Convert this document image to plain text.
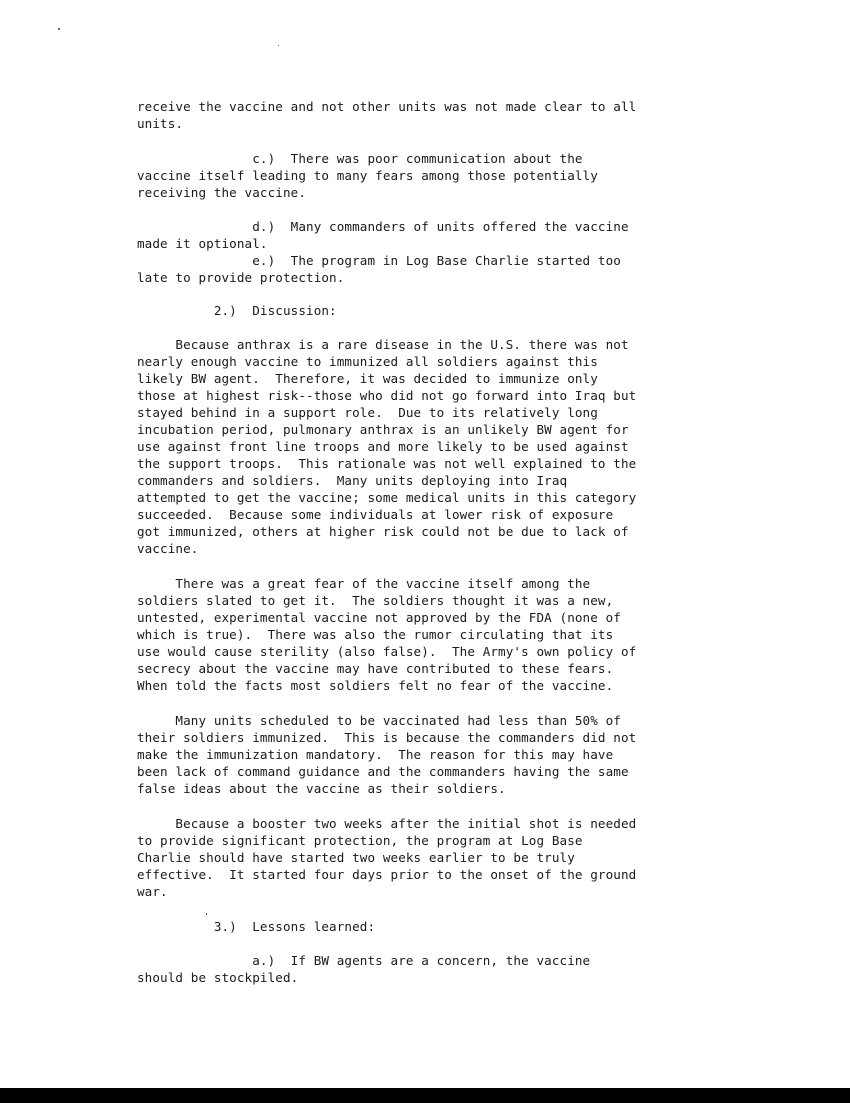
receive the vaccine and not other units was not made clear to all
units.
c.)  There was poor communication about the
vaccine itself leading to many fears among those potentially
receiving the vaccine.
d.)  Many commanders of units offered the vaccine
made it optional.
e.)  The program in Log Base Charlie started too
late to provide protection.
2.)  Discussion:
Because anthrax is a rare disease in the U.S. there was not
nearly enough vaccine to immunized all soldiers against this
likely BW agent.  Therefore, it was decided to immunize only
those at highest risk--those who did not go forward into Iraq but
stayed behind in a support role.  Due to its relatively long
incubation period, pulmonary anthrax is an unlikely BW agent for
use against front line troops and more likely to be used against
the support troops.  This rationale was not well explained to the
commanders and soldiers.  Many units deploying into Iraq
attempted to get the vaccine; some medical units in this category
succeeded.  Because some individuals at lower risk of exposure
got immunized, others at higher risk could not be due to lack of
vaccine.
There was a great fear of the vaccine itself among the
soldiers slated to get it.  The soldiers thought it was a new,
untested, experimental vaccine not approved by the FDA (none of
which is true).  There was also the rumor circulating that its
use would cause sterility (also false).  The Army's own policy of
secrecy about the vaccine may have contributed to these fears.
When told the facts most soldiers felt no fear of the vaccine.
Many units scheduled to be vaccinated had less than 50% of
their soldiers immunized.  This is because the commanders did not
make the immunization mandatory.  The reason for this may have
been lack of command guidance and the commanders having the same
false ideas about the vaccine as their soldiers.
Because a booster two weeks after the initial shot is needed
to provide significant protection, the program at Log Base
Charlie should have started two weeks earlier to be truly
effective.  It started four days prior to the onset of the ground
war.
3.)  Lessons learned:
a.)  If BW agents are a concern, the vaccine
should be stockpiled.
